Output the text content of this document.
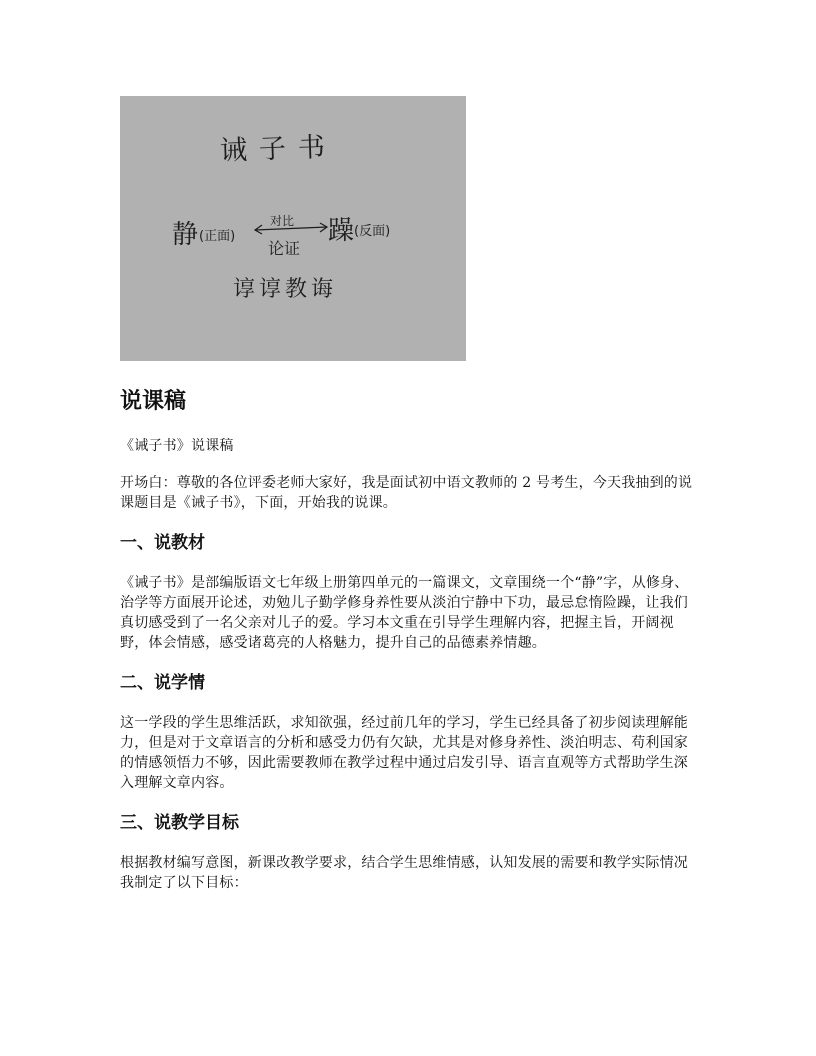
诫子书
静 (正面)
对比
论证
躁 (反面)
谆谆教诲
说课稿

《诫子书》说课稿

开场白：尊敬的各位评委老师大家好，我是面试初中语文教师的 2 号考生，今天我抽到的说课题目是《诫子书》，下面，开始我的说课。

一、说教材

《诫子书》是部编版语文七年级上册第四单元的一篇课文，文章围绕一个“静”字，从修身、治学等方面展开论述，劝勉儿子勤学修身养性要从淡泊宁静中下功，最忌怠惰险躁，让我们真切感受到了一名父亲对儿子的爱。学习本文重在引导学生理解内容，把握主旨，开阔视野，体会情感，感受诸葛亮的人格魅力，提升自己的品德素养情趣。

二、说学情

这一学段的学生思维活跃，求知欲强，经过前几年的学习，学生已经具备了初步阅读理解能力，但是对于文章语言的分析和感受力仍有欠缺，尤其是对修身养性、淡泊明志、苟利国家的情感领悟力不够，因此需要教师在教学过程中通过启发引导、语言直观等方式帮助学生深入理解文章内容。

三、说教学目标

根据教材编写意图，新课改教学要求，结合学生思维情感，认知发展的需要和教学实际情况我制定了以下目标：
